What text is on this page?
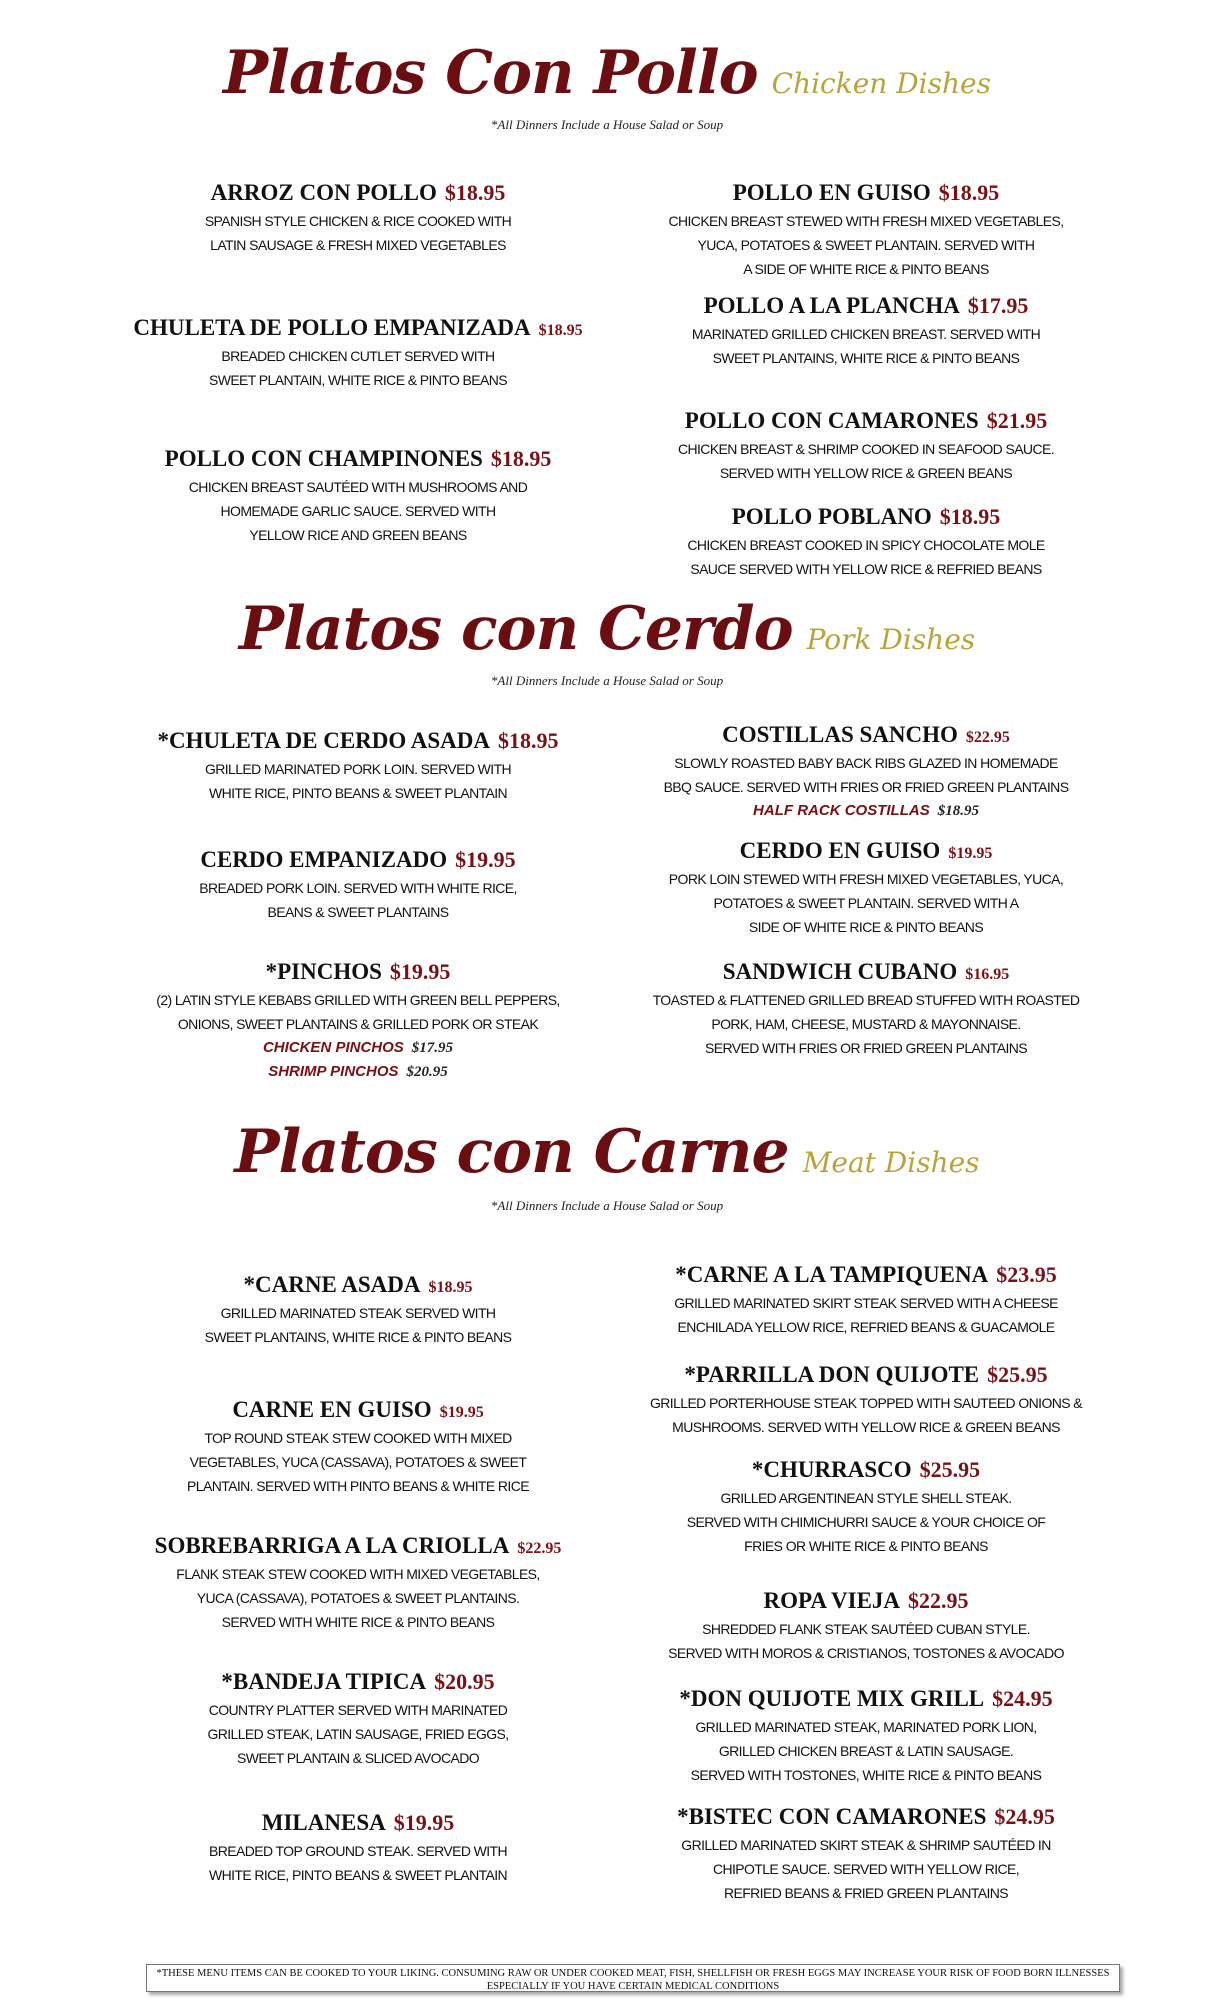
Platos Con Pollo Chicken Dishes
*All Dinners Include a House Salad or Soup
Platos con Cerdo Pork Dishes
*All Dinners Include a House Salad or Soup
Platos con Carne Meat Dishes
*All Dinners Include a House Salad or Soup
ARROZ CON POLLO $18.95
SPANISH STYLE CHICKEN & RICE COOKED WITH
LATIN SAUSAGE & FRESH MIXED VEGETABLES
CHULETA DE POLLO EMPANIZADA $18.95
BREADED CHICKEN CUTLET SERVED WITH
SWEET PLANTAIN, WHITE RICE & PINTO BEANS
POLLO CON CHAMPINONES $18.95
CHICKEN BREAST SAUTÉED WITH MUSHROOMS AND
HOMEMADE GARLIC SAUCE. SERVED WITH
YELLOW RICE AND GREEN BEANS
POLLO EN GUISO $18.95
CHICKEN BREAST STEWED WITH FRESH MIXED VEGETABLES,
YUCA, POTATOES & SWEET PLANTAIN. SERVED WITH
A SIDE OF WHITE RICE & PINTO BEANS
POLLO A LA PLANCHA $17.95
MARINATED GRILLED CHICKEN BREAST. SERVED WITH
SWEET PLANTAINS, WHITE RICE & PINTO BEANS
POLLO CON CAMARONES $21.95
CHICKEN BREAST & SHRIMP COOKED IN SEAFOOD SAUCE.
SERVED WITH YELLOW RICE & GREEN BEANS
POLLO POBLANO $18.95
CHICKEN BREAST COOKED IN SPICY CHOCOLATE MOLE
SAUCE SERVED WITH YELLOW RICE & REFRIED BEANS
*CHULETA DE CERDO ASADA $18.95
GRILLED MARINATED PORK LOIN. SERVED WITH
WHITE RICE, PINTO BEANS & SWEET PLANTAIN
CERDO EMPANIZADO $19.95
BREADED PORK LOIN. SERVED WITH WHITE RICE,
BEANS & SWEET PLANTAINS
*PINCHOS $19.95
(2) LATIN STYLE KEBABS GRILLED WITH GREEN BELL PEPPERS,
ONIONS, SWEET PLANTAINS & GRILLED PORK OR STEAK
CHICKEN PINCHOS $17.95
SHRIMP PINCHOS $20.95
COSTILLAS SANCHO $22.95
SLOWLY ROASTED BABY BACK RIBS GLAZED IN HOMEMADE
BBQ SAUCE. SERVED WITH FRIES OR FRIED GREEN PLANTAINS
HALF RACK COSTILLAS $18.95
CERDO EN GUISO $19.95
PORK LOIN STEWED WITH FRESH MIXED VEGETABLES, YUCA,
POTATOES & SWEET PLANTAIN. SERVED WITH A
SIDE OF WHITE RICE & PINTO BEANS
SANDWICH CUBANO $16.95
TOASTED & FLATTENED GRILLED BREAD STUFFED WITH ROASTED
PORK, HAM, CHEESE, MUSTARD & MAYONNAISE.
SERVED WITH FRIES OR FRIED GREEN PLANTAINS
*CARNE ASADA $18.95
GRILLED MARINATED STEAK SERVED WITH
SWEET PLANTAINS, WHITE RICE & PINTO BEANS
CARNE EN GUISO $19.95
TOP ROUND STEAK STEW COOKED WITH MIXED
VEGETABLES, YUCA (CASSAVA), POTATOES & SWEET
PLANTAIN. SERVED WITH PINTO BEANS & WHITE RICE
SOBREBARRIGA A LA CRIOLLA $22.95
FLANK STEAK STEW COOKED WITH MIXED VEGETABLES,
YUCA (CASSAVA), POTATOES & SWEET PLANTAINS.
SERVED WITH WHITE RICE & PINTO BEANS
*BANDEJA TIPICA $20.95
COUNTRY PLATTER SERVED WITH MARINATED
GRILLED STEAK, LATIN SAUSAGE, FRIED EGGS,
SWEET PLANTAIN & SLICED AVOCADO
MILANESA $19.95
BREADED TOP GROUND STEAK. SERVED WITH
WHITE RICE, PINTO BEANS & SWEET PLANTAIN
*CARNE A LA TAMPIQUENA $23.95
GRILLED MARINATED SKIRT STEAK SERVED WITH A CHEESE
ENCHILADA YELLOW RICE, REFRIED BEANS & GUACAMOLE
*PARRILLA DON QUIJOTE $25.95
GRILLED PORTERHOUSE STEAK TOPPED WITH SAUTEED ONIONS &
MUSHROOMS. SERVED WITH YELLOW RICE & GREEN BEANS
*CHURRASCO $25.95
GRILLED ARGENTINEAN STYLE SHELL STEAK.
SERVED WITH CHIMICHURRI SAUCE & YOUR CHOICE OF
FRIES OR WHITE RICE & PINTO BEANS
ROPA VIEJA $22.95
SHREDDED FLANK STEAK SAUTÉED CUBAN STYLE.
SERVED WITH MOROS & CRISTIANOS, TOSTONES & AVOCADO
*DON QUIJOTE MIX GRILL $24.95
GRILLED MARINATED STEAK, MARINATED PORK LION,
GRILLED CHICKEN BREAST & LATIN SAUSAGE.
SERVED WITH TOSTONES, WHITE RICE & PINTO BEANS
*BISTEC CON CAMARONES $24.95
GRILLED MARINATED SKIRT STEAK & SHRIMP SAUTÉED IN
CHIPOTLE SAUCE. SERVED WITH YELLOW RICE,
REFRIED BEANS & FRIED GREEN PLANTAINS
*THESE MENU ITEMS CAN BE COOKED TO YOUR LIKING. CONSUMING RAW OR UNDER COOKED MEAT, FISH, SHELLFISH OR FRESH EGGS MAY INCREASE YOUR RISK OF FOOD BORN ILLNESSES ESPECIALLY IF YOU HAVE CERTAIN MEDICAL CONDITIONS
